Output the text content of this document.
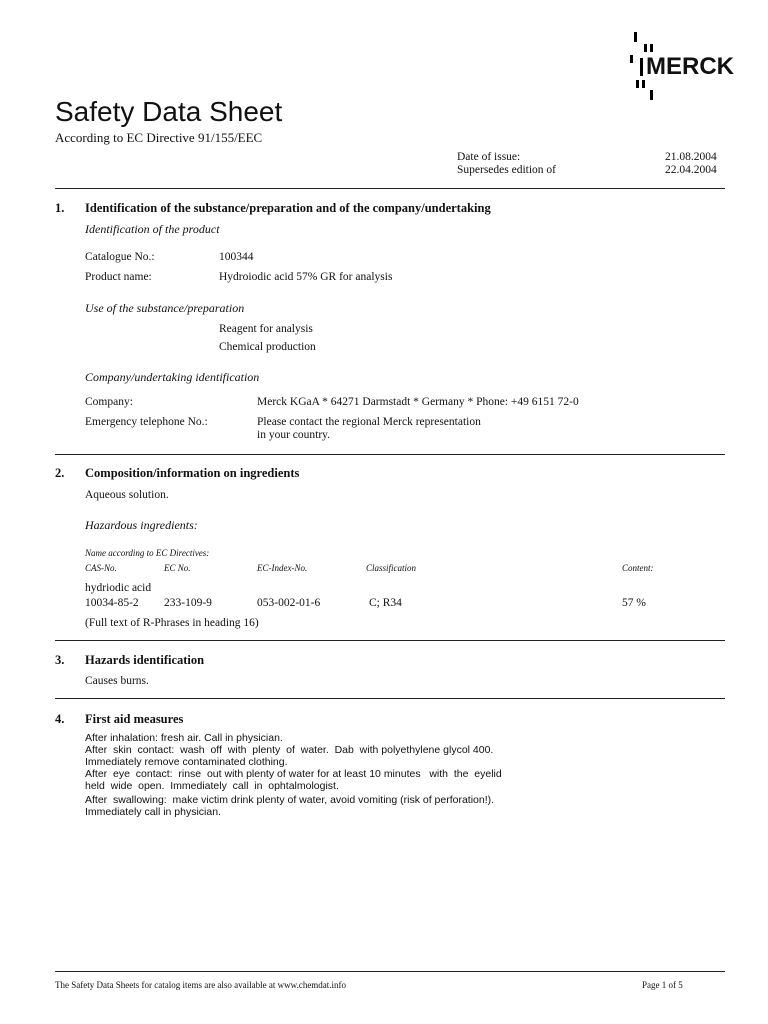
MERCK
Safety Data Sheet
According to EC Directive 91/155/EEC
Date of issue:	21.08.2004
Supersedes edition of	22.04.2004
1. Identification of the substance/preparation and of the company/undertaking
Identification of the product
Catalogue No.:	100344
Product name:	Hydroiodic acid 57% GR for analysis
Use of the substance/preparation
Reagent for analysis
Chemical production
Company/undertaking identification
Company:	Merck KGaA * 64271 Darmstadt * Germany * Phone: +49 6151 72-0
Emergency telephone No.:	Please contact the regional Merck representation
in your country.
2. Composition/information on ingredients
Aqueous solution.
Hazardous ingredients:
Name according to EC Directives:
CAS-No.	EC No.	EC-Index-No.	Classification	Content:
hydriodic acid
10034-85-2 233-109-9	053-002-01-6	C; R34	57 %
(Full text of R-Phrases in heading 16)
3. Hazards identification
Causes burns.
4. First aid measures
After inhalation: fresh air. Call in physician.
After  skin  contact:  wash  off  with  plenty  of  water.  Dab  with polyethylene glycol 400.
Immediately remove contaminated clothing.
After  eye  contact:  rinse  out with plenty of water for at least 10 minutes   with  the  eyelid
held  wide  open.  Immediately  call  in  ophtalmologist.
After  swallowing:  make victim drink plenty of water, avoid vomiting (risk of perforation!).
Immediately call in physician.
The Safety Data Sheets for catalog items are also available at www.chemdat.info	Page 1 of 5
